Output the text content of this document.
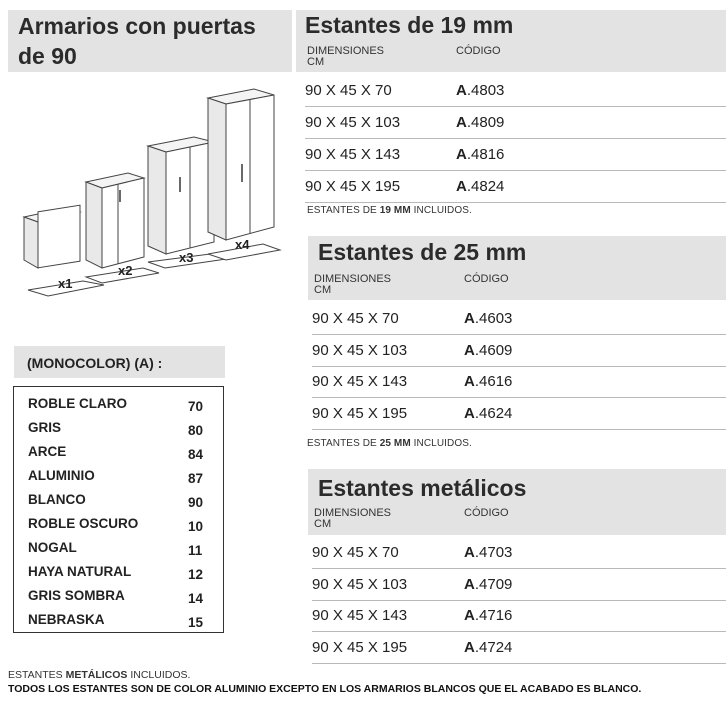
Armarios con puertas
de 90
x1
x2
x3
x4
(MONOCOLOR) (A) :
ROBLE CLARO	70
GRIS	80
ARCE	84
ALUMINIO	87
BLANCO	90
ROBLE OSCURO	10
NOGAL	11
HAYA NATURAL	12
GRIS SOMBRA	14
NEBRASKA	15
Estantes de 19 mm
DIMENSIONES
CM
CÓDIGO
90 X 45 X 70	A.4803
90 X 45 X 103	A.4809
90 X 45 X 143	A.4816
90 X 45 X 195	A.4824
ESTANTES DE 19 MM INCLUIDOS.
Estantes de 25 mm
DIMENSIONES
CM
CÓDIGO
90 X 45 X 70	A.4603
90 X 45 X 103	A.4609
90 X 45 X 143	A.4616
90 X 45 X 195	A.4624
ESTANTES DE 25 MM INCLUIDOS.
Estantes metálicos
DIMENSIONES
CM
CÓDIGO
90 X 45 X 70	A.4703
90 X 45 X 103	A.4709
90 X 45 X 143	A.4716
90 X 45 X 195	A.4724
ESTANTES METÁLICOS INCLUIDOS.
TODOS LOS ESTANTES SON DE COLOR ALUMINIO EXCEPTO EN LOS ARMARIOS BLANCOS QUE EL ACABADO ES BLANCO.
